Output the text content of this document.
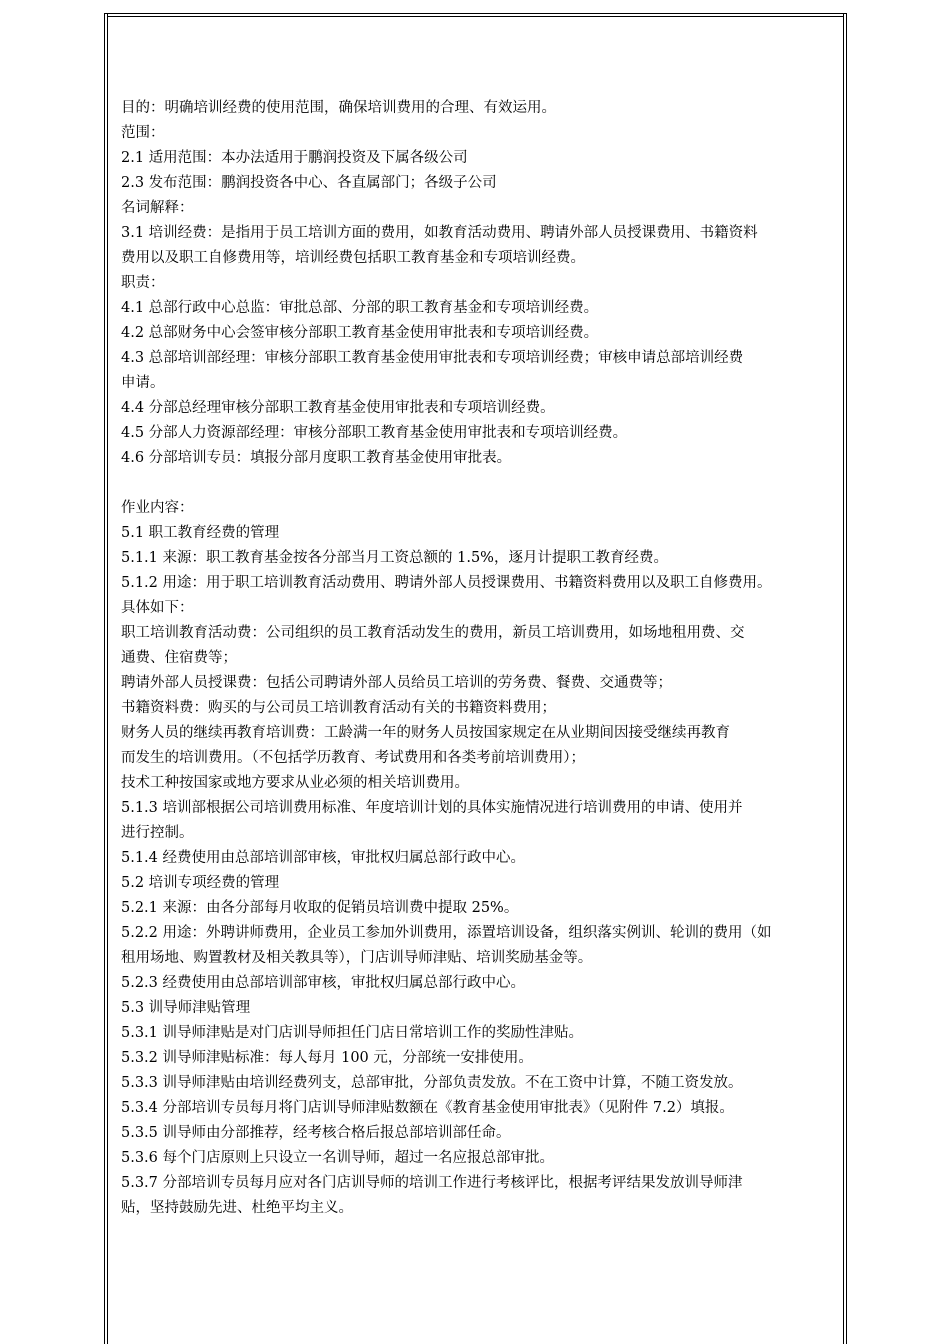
目的：明确培训经费的使用范围，确保培训费用的合理、有效运用。
范围：
2.1 适用范围：本办法适用于鹏润投资及下属各级公司
2.3 发布范围：鹏润投资各中心、各直属部门；各级子公司
名词解释：
3.1 培训经费：是指用于员工培训方面的费用，如教育活动费用、聘请外部人员授课费用、书籍资料
费用以及职工自修费用等，培训经费包括职工教育基金和专项培训经费。
职责：
4.1 总部行政中心总监：审批总部、分部的职工教育基金和专项培训经费。
4.2 总部财务中心会签审核分部职工教育基金使用审批表和专项培训经费。
4.3 总部培训部经理：审核分部职工教育基金使用审批表和专项培训经费；审核申请总部培训经费
申请。
4.4 分部总经理审核分部职工教育基金使用审批表和专项培训经费。
4.5 分部人力资源部经理：审核分部职工教育基金使用审批表和专项培训经费。
4.6 分部培训专员：填报分部月度职工教育基金使用审批表。
作业内容：
5.1 职工教育经费的管理
5.1.1 来源：职工教育基金按各分部当月工资总额的 1.5%，逐月计提职工教育经费。
5.1.2 用途：用于职工培训教育活动费用、聘请外部人员授课费用、书籍资料费用以及职工自修费用。
具体如下：
职工培训教育活动费：公司组织的员工教育活动发生的费用，新员工培训费用，如场地租用费、交
通费、住宿费等；
聘请外部人员授课费：包括公司聘请外部人员给员工培训的劳务费、餐费、交通费等；
书籍资料费：购买的与公司员工培训教育活动有关的书籍资料费用；
财务人员的继续再教育培训费：工龄满一年的财务人员按国家规定在从业期间因接受继续再教育
而发生的培训费用。（不包括学历教育、考试费用和各类考前培训费用）；
技术工种按国家或地方要求从业必须的相关培训费用。
5.1.3 培训部根据公司培训费用标准、年度培训计划的具体实施情况进行培训费用的申请、使用并
进行控制。
5.1.4 经费使用由总部培训部审核，审批权归属总部行政中心。
5.2 培训专项经费的管理
5.2.1 来源：由各分部每月收取的促销员培训费中提取 25%。
5.2.2 用途：外聘讲师费用，企业员工参加外训费用，添置培训设备，组织落实例训、轮训的费用（如
租用场地、购置教材及相关教具等），门店训导师津贴、培训奖励基金等。
5.2.3 经费使用由总部培训部审核，审批权归属总部行政中心。
5.3 训导师津贴管理
5.3.1 训导师津贴是对门店训导师担任门店日常培训工作的奖励性津贴。
5.3.2 训导师津贴标准：每人每月 100 元，分部统一安排使用。
5.3.3 训导师津贴由培训经费列支，总部审批，分部负责发放。不在工资中计算，不随工资发放。
5.3.4 分部培训专员每月将门店训导师津贴数额在《教育基金使用审批表》（见附件 7.2）填报。
5.3.5 训导师由分部推荐，经考核合格后报总部培训部任命。
5.3.6 每个门店原则上只设立一名训导师，超过一名应报总部审批。
5.3.7 分部培训专员每月应对各门店训导师的培训工作进行考核评比，根据考评结果发放训导师津
贴，坚持鼓励先进、杜绝平均主义。
